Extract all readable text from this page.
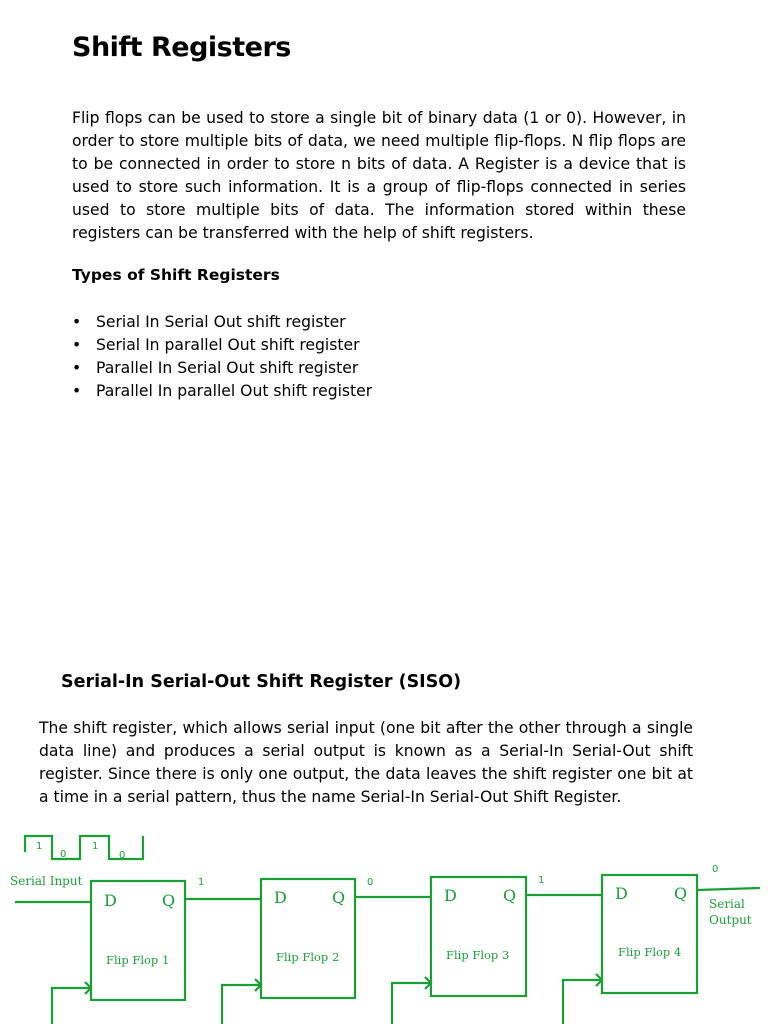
Shift Registers

Flip flops can be used to store a single bit of binary data (1 or 0). However, in order to store multiple bits of data, we need multiple flip-flops. N flip flops are to be connected in order to store n bits of data. A Register is a device that is used to store such information. It is a group of flip-flops connected in series used to store multiple bits of data. The information stored within these registers can be transferred with the help of shift registers.

Types of Shift Registers

• Serial In Serial Out shift register
• Serial In parallel Out shift register
• Parallel In Serial Out shift register
• Parallel In parallel Out shift register

Serial-In Serial-Out Shift Register (SISO)

The shift register, which allows serial input (one bit after the other through a single data line) and produces a serial output is known as a Serial-In Serial-Out shift register. Since there is only one output, the data leaves the shift register one bit at a time in a serial pattern, thus the name Serial-In Serial-Out Shift Register.

1
0
1
0
Serial Input
D	Q	D	Q	D	Q	D	Q
Flip Flop 1	Flip Flop 2	Flip Flop 3	Flip Flop 4
1	0	1
0
Serial
Output
